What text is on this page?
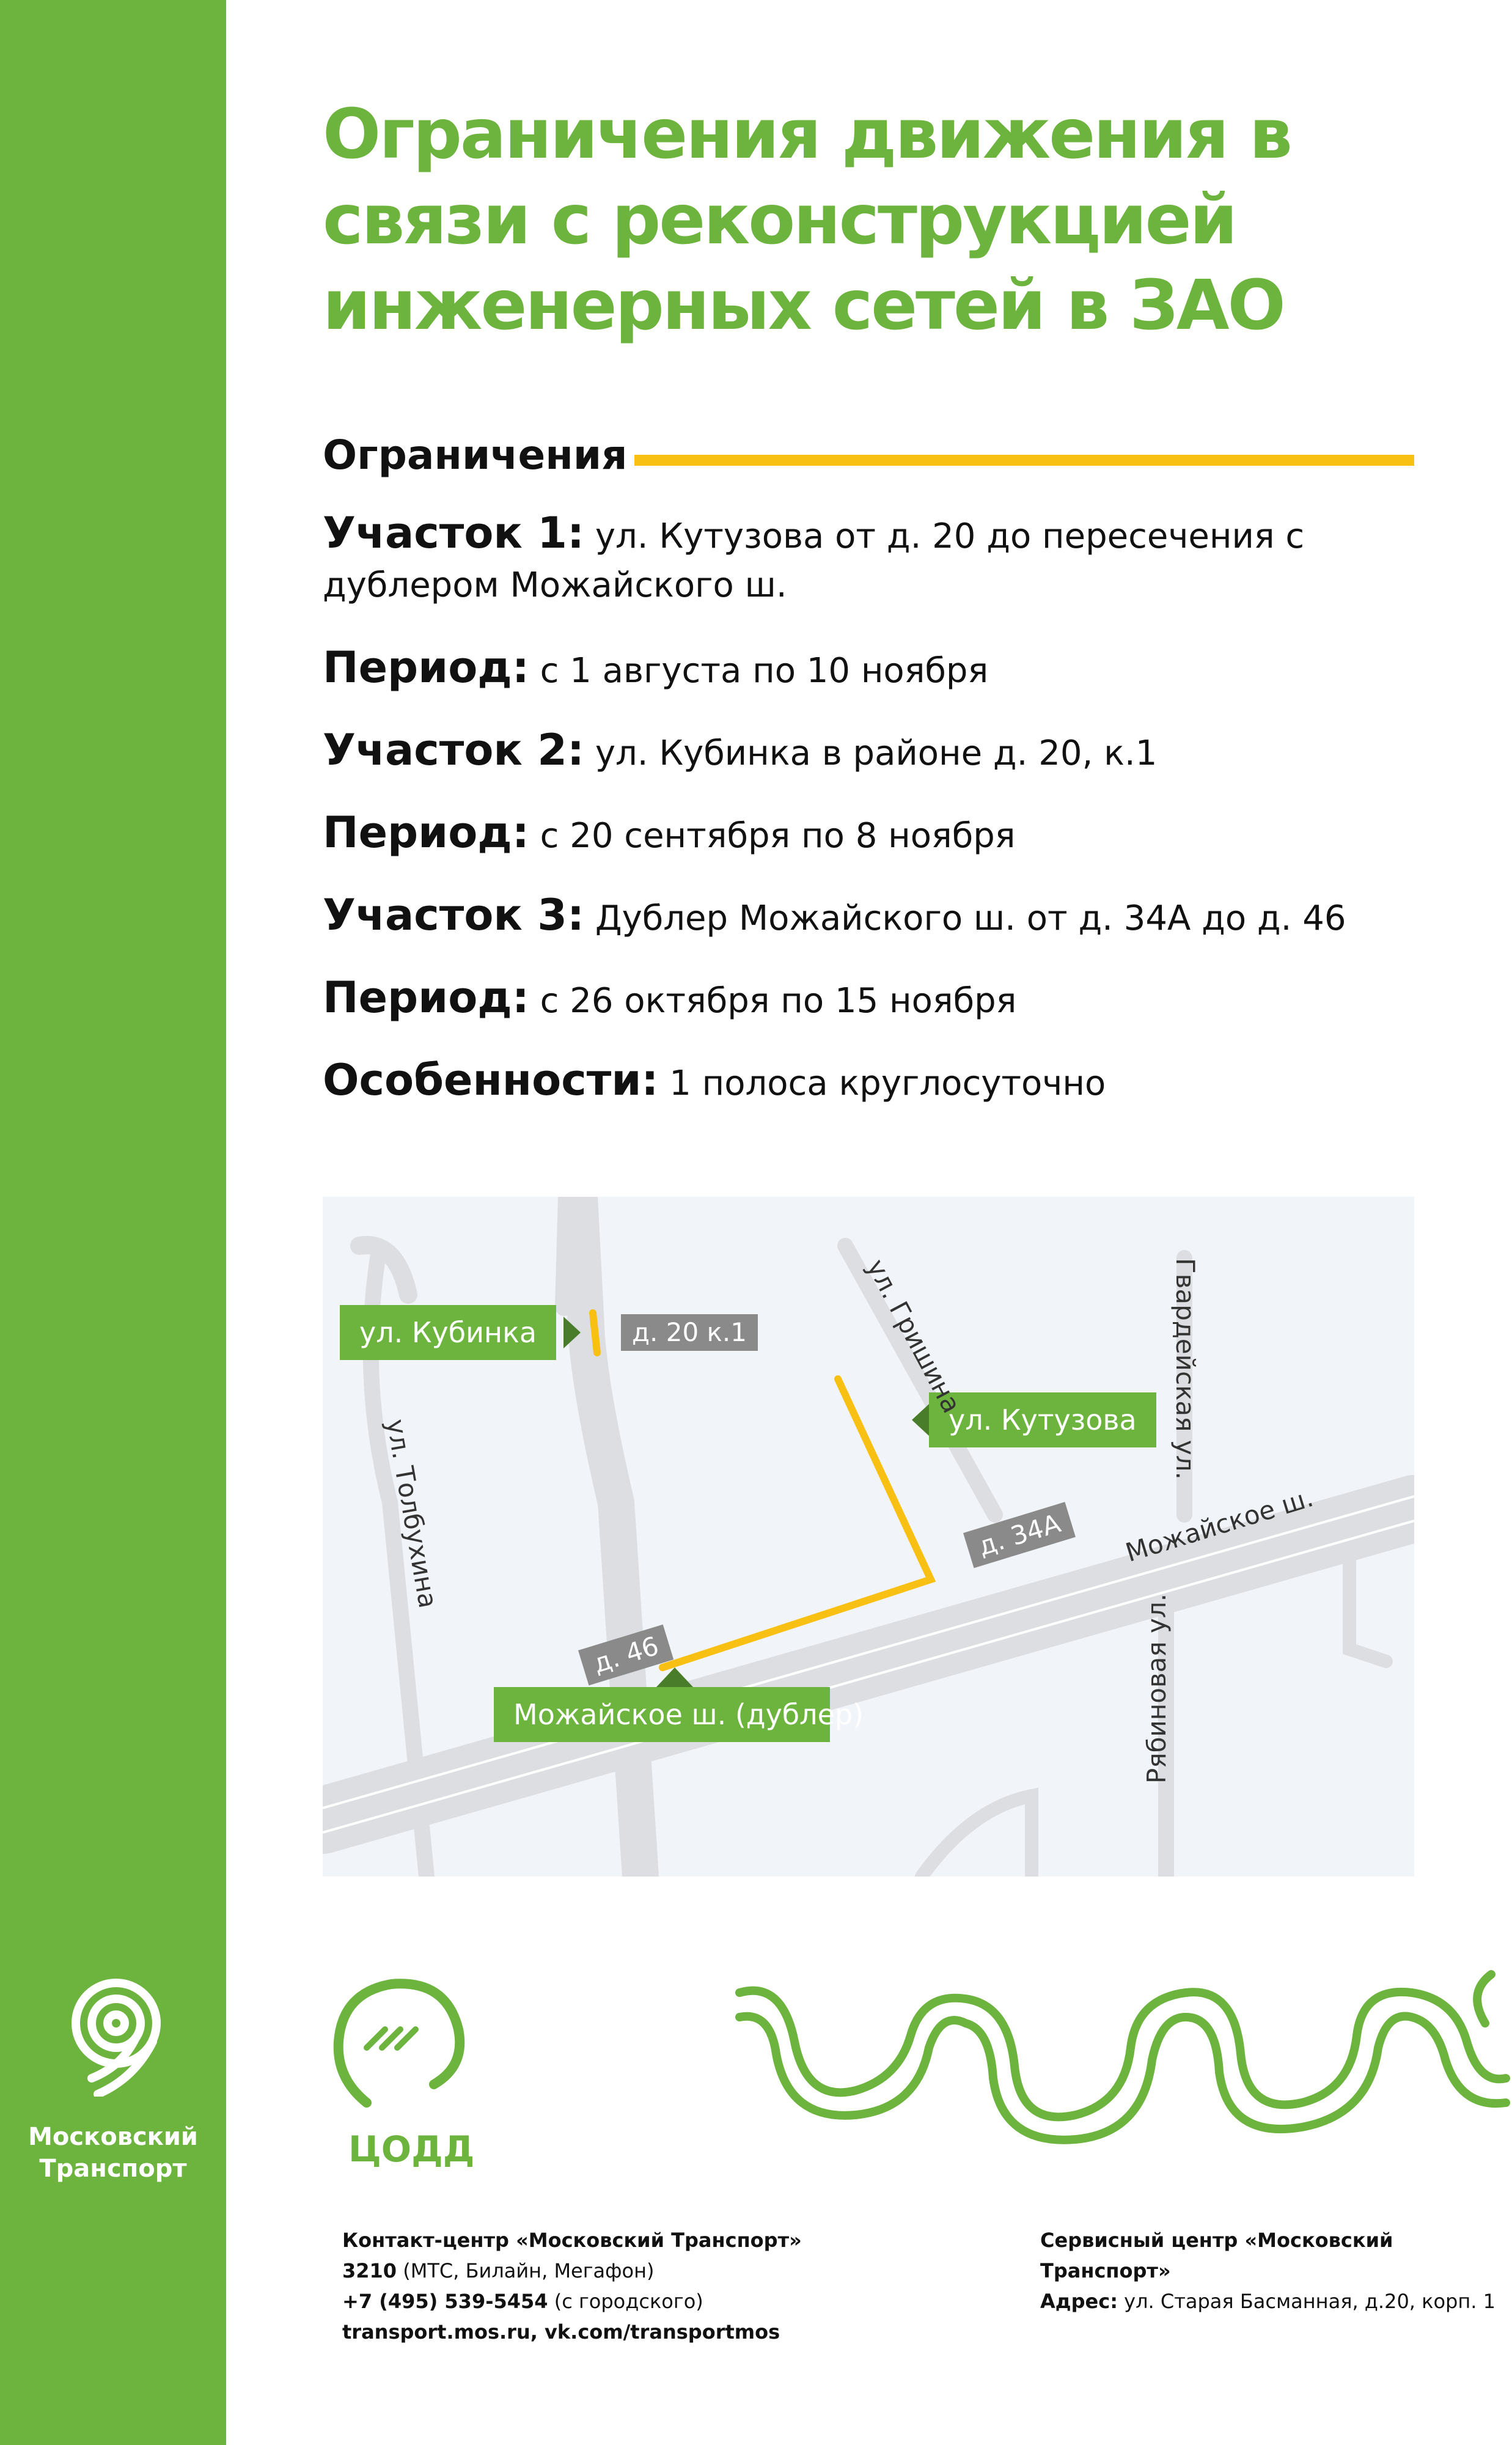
Московский
Транспорт
Ограничения движения в связи с реконструкцией инженерных сетей в ЗАО
Ограничения
Участок 1: ул. Кутузова от д. 20 до пересечения с дублером Можайского ш.
Период: с 1 августа по 10 ноября
Участок 2: ул. Кубинка в районе д. 20, к.1
Период: с 20 сентября по 8 ноября
Участок 3: Дублер Можайского ш. от д. 34А до д. 46
Период: с 26 октября по 15 ноября
Особенности: 1 полоса круглосуточно
ул. Кубинка	д. 20 к.1
ул. Кутузова
д. 34А
д. 46
Можайское ш. (дублер)
ул. Гришина	Гвардейская ул.
ул. Толбухина	Можайское ш.
Рябиновая ул.
ЦОДД
Контакт-центр «Московский Транспорт»
3210 (МТС, Билайн, Мегафон)
+7 (495) 539-5454 (с городского)
transport.mos.ru, vk.com/transportmos
Сервисный центр «Московский Транспорт»
Адрес: ул. Старая Басманная, д.20, корп. 1
